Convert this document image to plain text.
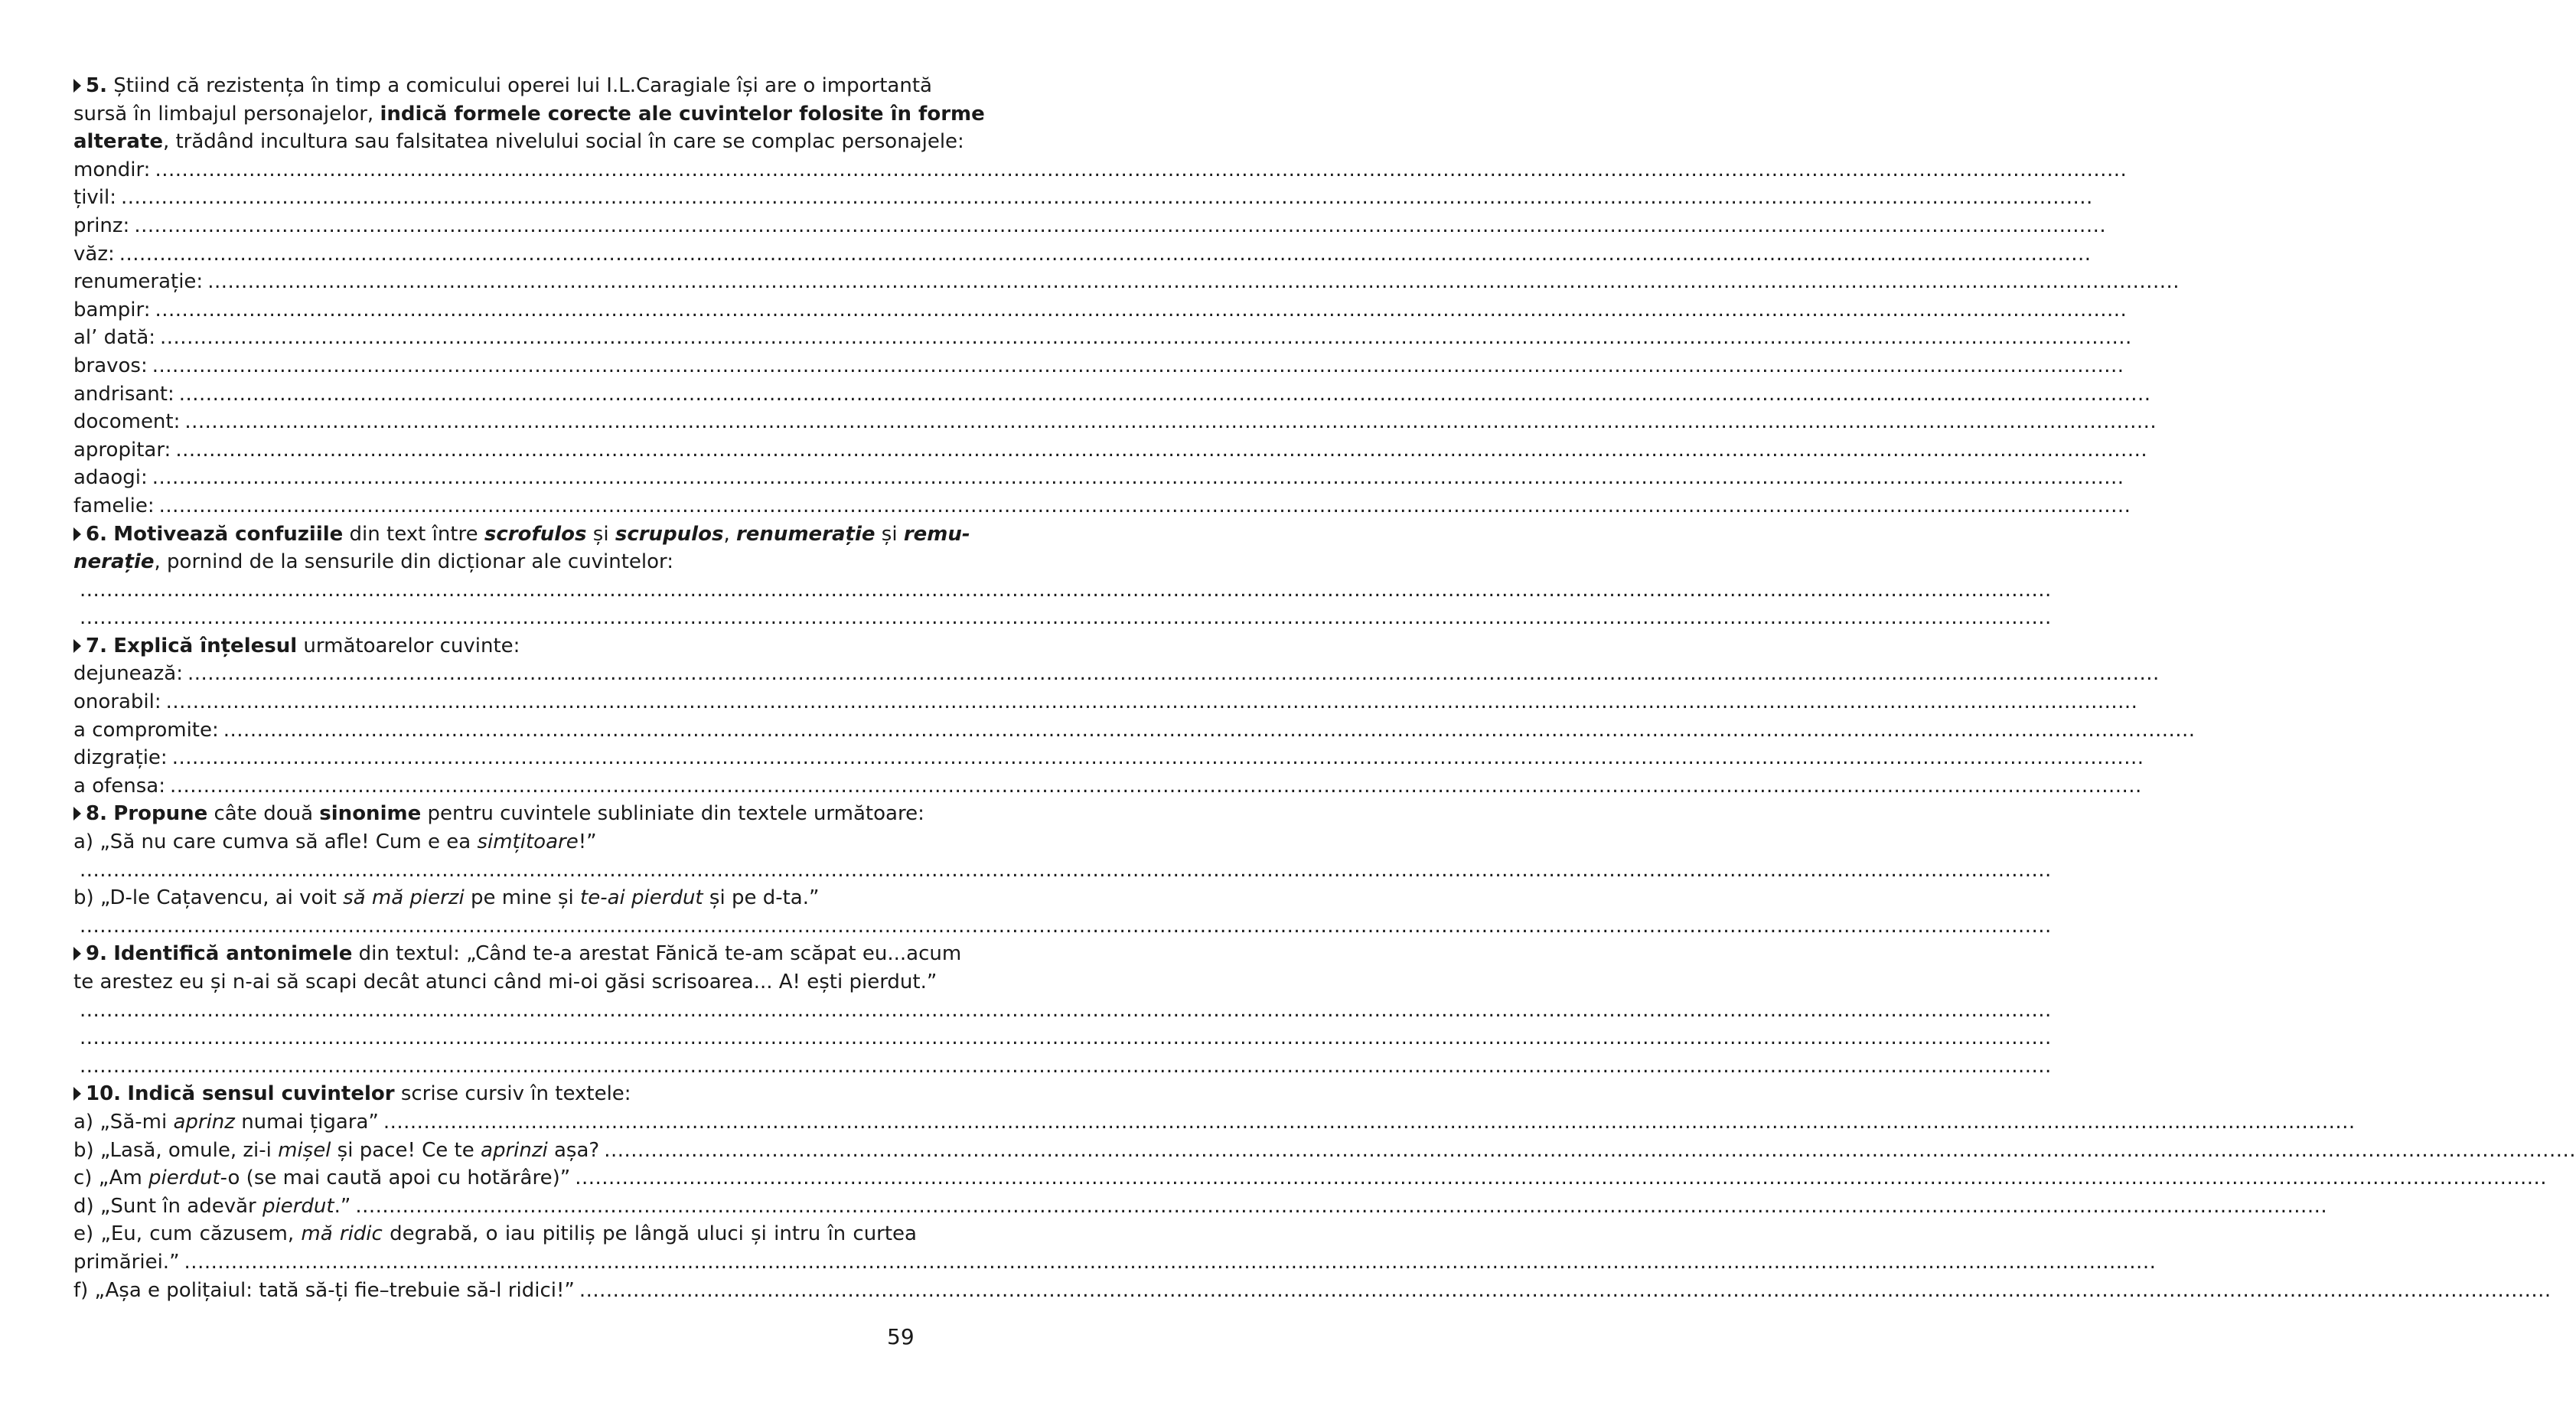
5. Știind că rezistența în timp a comicului operei lui I.L.Caragiale își are o importantă
sursă în limbajul personajelor, indică formele corecte ale cuvintelor folosite în forme
alterate, trădând incultura sau falsitatea nivelului social în care se complac personajele:
mondir:
.....
țivil:
.....
prinz:
.....
văz:
.....
renumerație:
.....
bampir:
.....
al’ dată:
.....
bravos:
.....
andrisant:
.....
docoment:
.....
apropitar:
.....
adaogi:
.....
famelie:
.....
6. Motivează confuziile din text între scrofulos și scrupulos, renumerație și remu-
nerație, pornind de la sensurile din dicționar ale cuvintelor:
.....
.....
7. Explică înțelesul următoarelor cuvinte:
dejunează:
.....
onorabil:
.....
a compromite:
.....
dizgrație:
.....
a ofensa:
.....
8. Propune câte două sinonime pentru cuvintele subliniate din textele următoare:
a) „Să nu care cumva să afle! Cum e ea simțitoare!”
.....
b) „D-le Cațavencu, ai voit să mă pierzi pe mine și te-ai pierdut și pe d-ta.”
.....
9. Identifică antonimele din textul: „Când te-a arestat Fănică te-am scăpat eu...acum
te arestez eu și n-ai să scapi decât atunci când mi-oi găsi scrisoarea... A! ești pierdut.”
.....
.....
.....
10. Indică sensul cuvintelor scrise cursiv în textele:
a) „Să-mi aprinz numai țigara”
.....
b) „Lasă, omule, zi-i mișel și pace! Ce te aprinzi așa?
.....
c) „Am pierdut-o (se mai caută apoi cu hotărâre)”
.....
d) „Sunt în adevăr pierdut.”
.....
e) „Eu, cum căzusem, mă ridic degrabă, o iau pitiliș pe lângă uluci și intru în curtea
primăriei.”
.....
f) „Așa e polițaiul: tată să-ți fie–trebuie să-l ridici!”
.....
59
